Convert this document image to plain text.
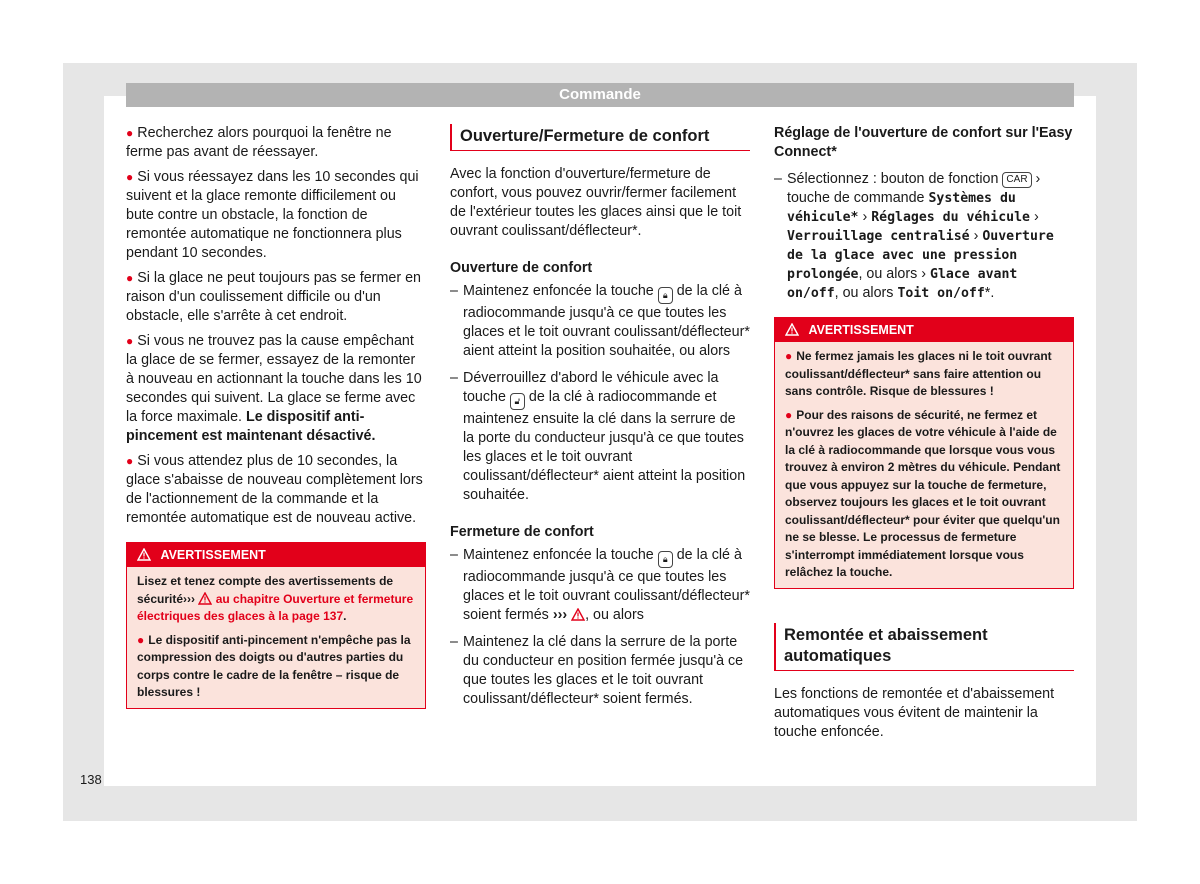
Commande

● Recherchez alors pourquoi la fenêtre ne ferme pas avant de réessayer.

● Si vous réessayez dans les 10 secondes qui suivent et la glace remonte difficilement ou bute contre un obstacle, la fonction de remontée automatique ne fonctionnera plus pendant 10 secondes.

● Si la glace ne peut toujours pas se fermer en raison d'un coulissement difficile ou d'un obstacle, elle s'arrête à cet endroit.

● Si vous ne trouvez pas la cause empêchant la glace de se fermer, essayez de la remonter à nouveau en actionnant la touche dans les 10 secondes qui suivent. La glace se ferme avec la force maximale. Le dispositif anti-pincement est maintenant désactivé.

● Si vous attendez plus de 10 secondes, la glace s'abaisse de nouveau complètement lors de l'actionnement de la commande et la remontée automatique est de nouveau active.

AVERTISSEMENT

Lisez et tenez compte des avertissements de sécurité››› au chapitre Ouverture et fermeture électriques des glaces à la page 137.

● Le dispositif anti-pincement n'empêche pas la compression des doigts ou d'autres parties du corps contre le cadre de la fenêtre – risque de blessures !

Ouverture/Fermeture de confort

Avec la fonction d'ouverture/fermeture de confort, vous pouvez ouvrir/fermer facilement de l'extérieur toutes les glaces ainsi que le toit ouvrant coulissant/déflecteur*.

Ouverture de confort

– Maintenez enfoncée la touche 🔒︎ de la clé à radiocommande jusqu'à ce que toutes les glaces et le toit ouvrant coulissant/déflecteur* aient atteint la position souhaitée, ou alors
– Déverrouillez d'abord le véhicule avec la touche 🔓︎ de la clé à radiocommande et maintenez ensuite la clé dans la serrure de la porte du conducteur jusqu'à ce que toutes les glaces et le toit ouvrant coulissant/déflecteur* aient atteint la position souhaitée.

Fermeture de confort

– Maintenez enfoncée la touche 🔒︎ de la clé à radiocommande jusqu'à ce que toutes les glaces et le toit ouvrant coulissant/déflecteur* soient fermés ››› , ou alors
– Maintenez la clé dans la serrure de la porte du conducteur en position fermée jusqu'à ce que toutes les glaces et le toit ouvrant coulissant/déflecteur* soient fermés.

Réglage de l'ouverture de confort sur l'Easy Connect*

– Sélectionnez : bouton de fonction CAR › touche de commande Systèmes du véhicule* › Réglages du véhicule › Verrouillage centralisé › Ouverture de la glace avec une pression prolongée, ou alors › Glace avant on/off, ou alors Toit on/off*.
AVERTISSEMENT

● Ne fermez jamais les glaces ni le toit ouvrant coulissant/déflecteur* sans faire attention ou sans contrôle. Risque de blessures !

● Pour des raisons de sécurité, ne fermez et n'ouvrez les glaces de votre véhicule à l'aide de la clé à radiocommande que lorsque vous vous trouvez à environ 2 mètres du véhicule. Pendant que vous appuyez sur la touche de fermeture, observez toujours les glaces et le toit ouvrant coulissant/déflecteur* pour éviter que quelqu'un ne se blesse. Le processus de fermeture s'interrompt immédiatement lorsque vous relâchez la touche.

Remontée et abaissement automatiques

Les fonctions de remontée et d'abaissement automatiques vous évitent de maintenir la touche enfoncée.

138
